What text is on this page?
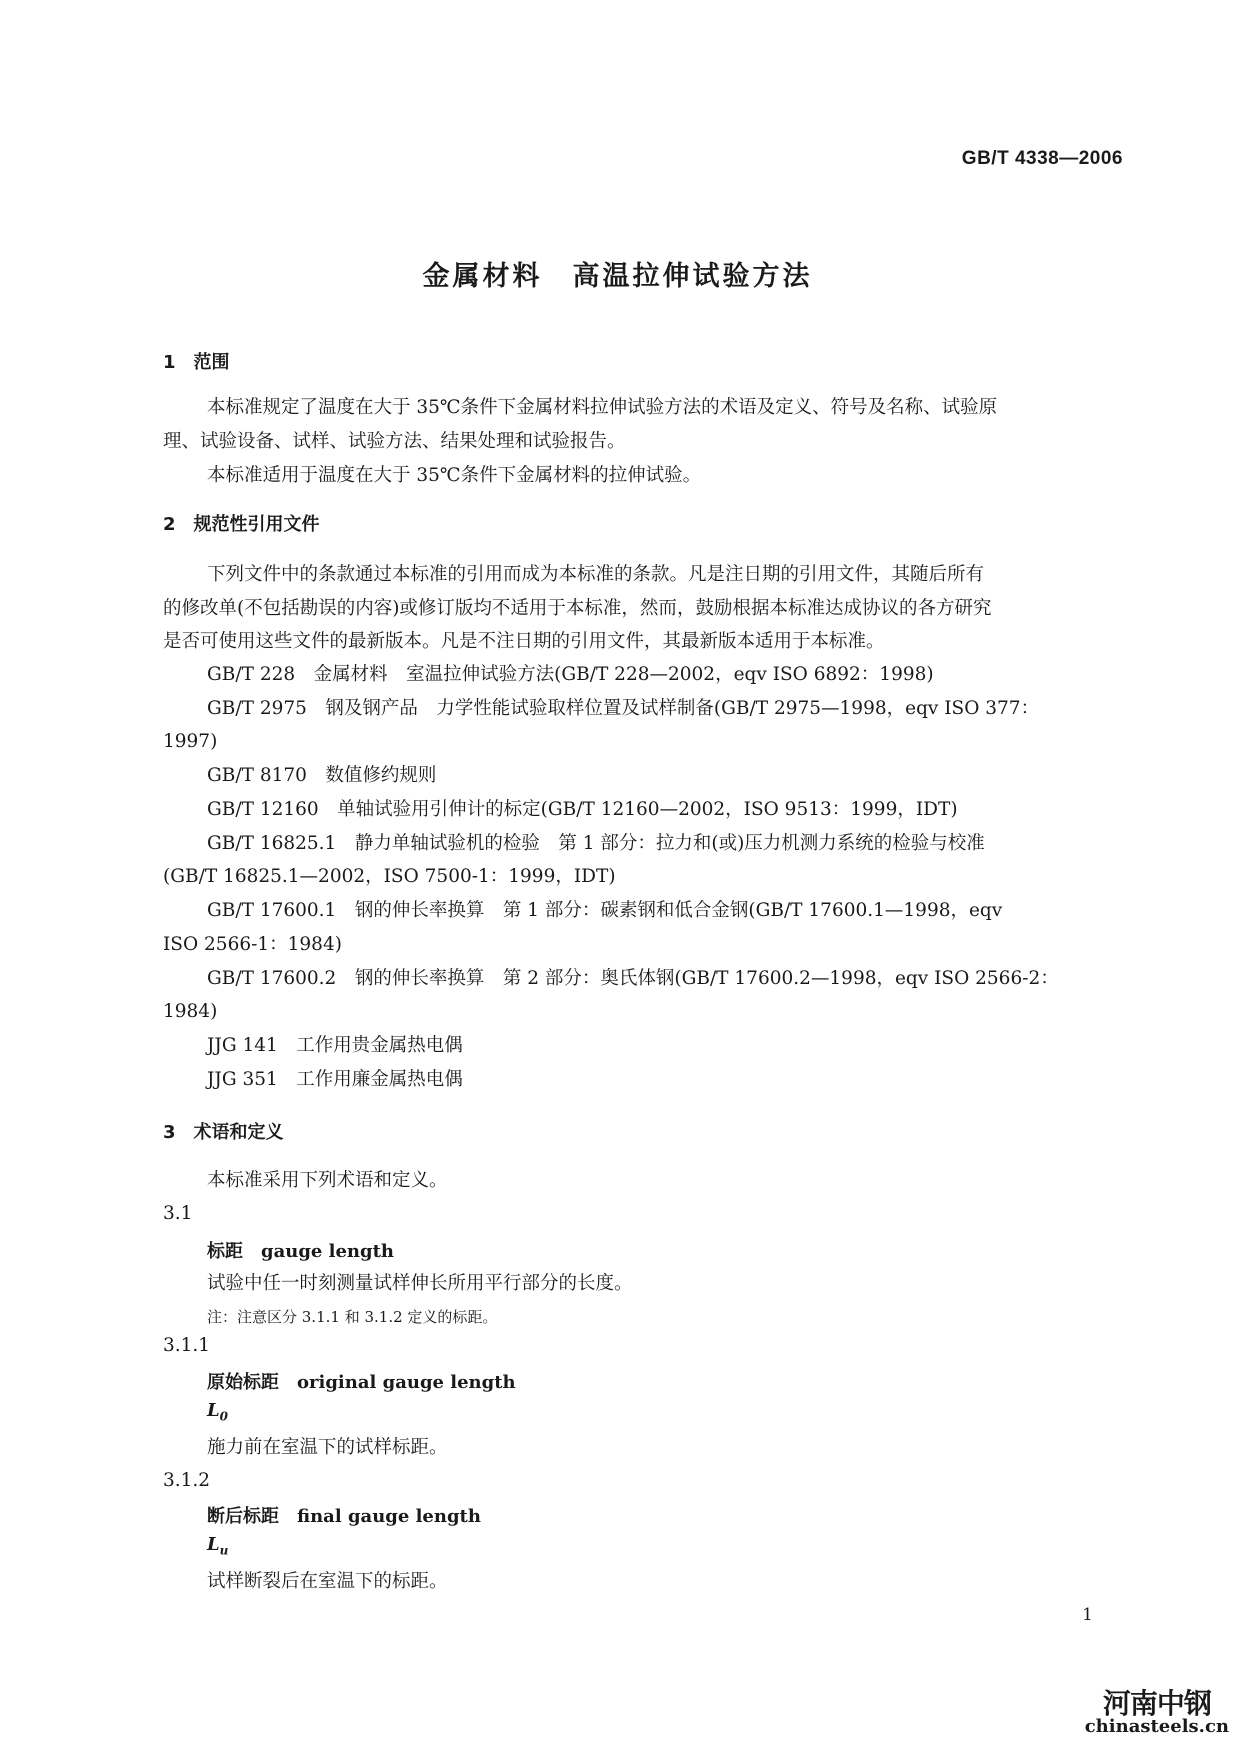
GB/T 4338—2006
金属材料　高温拉伸试验方法
1　范围
本标准规定了温度在大于 35℃条件下金属材料拉伸试验方法的术语及定义、符号及名称、试验原
理、试验设备、试样、试验方法、结果处理和试验报告。
本标准适用于温度在大于 35℃条件下金属材料的拉伸试验。
2　规范性引用文件
下列文件中的条款通过本标准的引用而成为本标准的条款。凡是注日期的引用文件，其随后所有
的修改单(不包括勘误的内容)或修订版均不适用于本标准，然而，鼓励根据本标准达成协议的各方研究
是否可使用这些文件的最新版本。凡是不注日期的引用文件，其最新版本适用于本标准。
GB/T 228　金属材料　室温拉伸试验方法(GB/T 228—2002，eqv ISO 6892：1998)
GB/T 2975　钢及钢产品　力学性能试验取样位置及试样制备(GB/T 2975—1998，eqv ISO 377：
1997)
GB/T 8170　数值修约规则
GB/T 12160　单轴试验用引伸计的标定(GB/T 12160—2002，ISO 9513：1999，IDT)
GB/T 16825.1　静力单轴试验机的检验　第 1 部分：拉力和(或)压力机测力系统的检验与校准
(GB/T 16825.1—2002，ISO 7500-1：1999，IDT)
GB/T 17600.1　钢的伸长率换算　第 1 部分：碳素钢和低合金钢(GB/T 17600.1—1998，eqv
ISO 2566-1：1984)
GB/T 17600.2　钢的伸长率换算　第 2 部分：奥氏体钢(GB/T 17600.2—1998，eqv ISO 2566-2：
1984)
JJG 141　工作用贵金属热电偶
JJG 351　工作用廉金属热电偶
3　术语和定义
本标准采用下列术语和定义。
3.1
标距　gauge length
试验中任一时刻测量试样伸长所用平行部分的长度。
注：注意区分 3.1.1 和 3.1.2 定义的标距。
3.1.1
原始标距　original gauge length
$L_0$
施力前在室温下的试样标距。
3.1.2
断后标距　final gauge length
$L_u$
试样断裂后在室温下的标距。
1
河南中钢
chinasteels.cn
